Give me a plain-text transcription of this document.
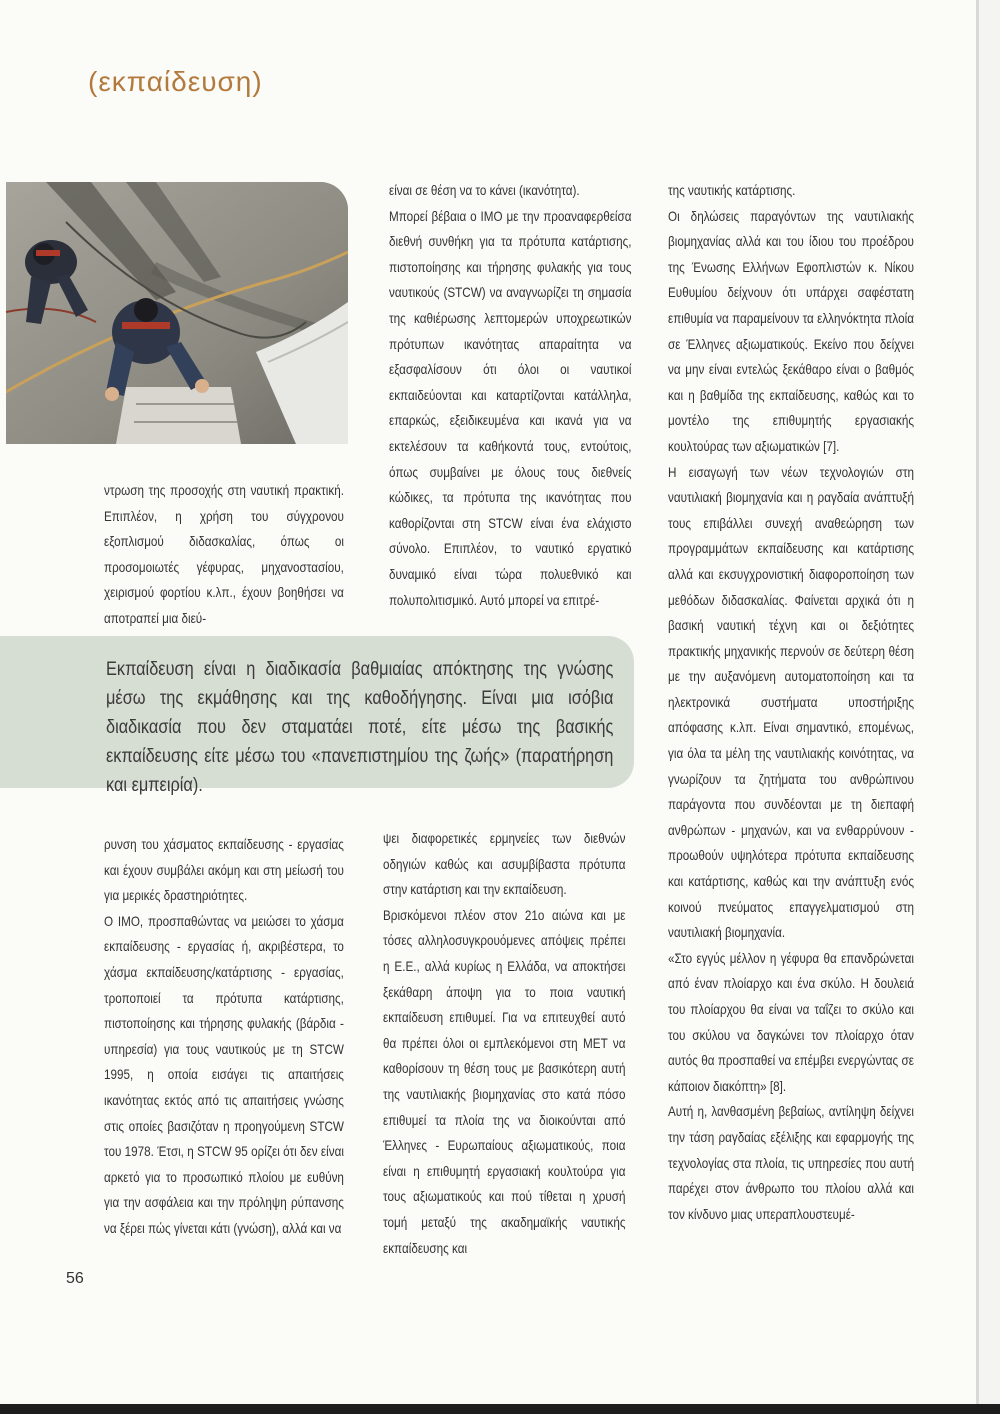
(εκπαίδευση)

ντρωση της προσοχής στη ναυτική πρακτική. Επιπλέον, η χρήση του σύγχρονου εξοπλισμού διδασκαλίας, όπως οι προσομοιωτές γέφυρας, μηχανοστασίου, χειρισμού φορτίου κ.λπ., έχουν βοηθήσει να αποτραπεί μια διεύ-

είναι σε θέση να το κάνει (ικανότητα).

Μπορεί βέβαια ο ΙΜΟ με την προαναφερθείσα διεθνή συνθήκη για τα πρότυπα κατάρτισης, πιστοποίησης και τήρησης φυλακής για τους ναυτικούς (STCW) να αναγνωρίζει τη σημασία της καθιέρωσης λεπτομερών υποχρεωτικών πρότυπων ικανότητας απαραίτητα να εξασφαλίσουν ότι όλοι οι ναυτικοί εκπαιδεύονται και καταρτίζονται κατάλληλα, επαρκώς, εξειδικευμένα και ικανά για να εκτελέσουν τα καθήκοντά τους, εντούτοις, όπως συμβαίνει με όλους τους διεθνείς κώδικες, τα πρότυπα της ικανότητας που καθορίζονται στη STCW είναι ένα ελάχιστο σύνολο. Επιπλέον, το ναυτικό εργατικό δυναμικό είναι τώρα πολυεθνικό και πολυπολιτισμικό. Αυτό μπορεί να επιτρέ-

της ναυτικής κατάρτισης.

Οι δηλώσεις παραγόντων της ναυτιλιακής βιομηχανίας αλλά και του ίδιου του προέδρου της Ένωσης Ελλήνων Εφοπλιστών κ. Νίκου Ευθυμίου δείχνουν ότι υπάρχει σαφέστατη επιθυμία να παραμείνουν τα ελληνόκτητα πλοία σε Έλληνες αξιωματικούς. Εκείνο που δείχνει να μην είναι εντελώς ξεκάθαρο είναι ο βαθμός και η βαθμίδα της εκπαίδευσης, καθώς και το μοντέλο της επιθυμητής εργασιακής κουλτούρας των αξιωματικών [7].

Η εισαγωγή των νέων τεχνολογιών στη ναυτιλιακή βιομηχανία και η ραγδαία ανάπτυξή τους επιβάλλει συνεχή αναθεώρηση των προγραμμάτων εκπαίδευσης και κατάρτισης αλλά και εκσυγχρονιστική διαφοροποίηση των μεθόδων διδασκαλίας. Φαίνεται αρχικά ότι η βασική ναυτική τέχνη και οι δεξιότητες πρακτικής μηχανικής περνούν σε δεύτερη θέση με την αυξανόμενη αυτοματοποίηση και τα ηλεκτρονικά συστήματα υποστήριξης απόφασης κ.λπ. Είναι σημαντικό, επομένως, για όλα τα μέλη της ναυτιλιακής κοινότητας, να γνωρίζουν τα ζητήματα του ανθρώπινου παράγοντα που συνδέονται με τη διεπαφή ανθρώπων - μηχανών, και να ενθαρρύνουν - προωθούν υψηλότερα πρότυπα εκπαίδευσης και κατάρτισης, καθώς και την ανάπτυξη ενός κοινού πνεύματος επαγγελματισμού στη ναυτιλιακή βιομηχανία.

«Στο εγγύς μέλλον η γέφυρα θα επανδρώνεται από έναν πλοίαρχο και ένα σκύλο. Η δουλειά του πλοίαρχου θα είναι να ταΐζει το σκύλο και του σκύλου να δαγκώνει τον πλοίαρχο όταν αυτός θα προσπαθεί να επέμβει ενεργώντας σε κάποιον διακόπτη» [8].

Αυτή η, λανθασμένη βεβαίως, αντίληψη δείχνει την τάση ραγδαίας εξέλιξης και εφαρμογής της τεχνολογίας στα πλοία, τις υπηρεσίες που αυτή παρέχει στον άνθρωπο του πλοίου αλλά και τον κίνδυνο μιας υπεραπλουστευμέ-

Εκπαίδευση είναι η διαδικασία βαθμιαίας απόκτησης της γνώσης μέσω της εκμάθησης και της καθοδήγησης. Είναι μια ισόβια διαδικασία που δεν σταματάει ποτέ, είτε μέσω της βασικής εκπαίδευσης είτε μέσω του «πανεπιστημίου της ζωής» (παρατήρηση και εμπειρία).

ρυνση του χάσματος εκπαίδευσης - εργασίας και έχουν συμβάλει ακόμη και στη μείωσή του για μερικές δραστηριότητες.

Ο ΙΜΟ, προσπαθώντας να μειώσει το χάσμα εκπαίδευσης - εργασίας ή, ακριβέστερα, το χάσμα εκπαίδευσης/κατάρτισης - εργασίας, τροποποιεί τα πρότυπα κατάρτισης, πιστοποίησης και τήρησης φυλακής (βάρδια - υπηρεσία) για τους ναυτικούς με τη STCW 1995, η οποία εισάγει τις απαιτήσεις ικανότητας εκτός από τις απαιτήσεις γνώσης στις οποίες βασιζόταν η προηγούμενη STCW του 1978. Έτσι, η STCW 95 ορίζει ότι δεν είναι αρκετό για το προσωπικό πλοίου με ευθύνη για την ασφάλεια και την πρόληψη ρύπανσης να ξέρει πώς γίνεται κάτι (γνώση), αλλά και να

ψει διαφορετικές ερμηνείες των διεθνών οδηγιών καθώς και ασυμβίβαστα πρότυπα στην κατάρτιση και την εκπαίδευση.

Βρισκόμενοι πλέον στον 21ο αιώνα και με τόσες αλληλοσυγκρουόμενες απόψεις πρέπει η Ε.Ε., αλλά κυρίως η Ελλάδα, να αποκτήσει ξεκάθαρη άποψη για το ποια ναυτική εκπαίδευση επιθυμεί. Για να επιτευχθεί αυτό θα πρέπει όλοι οι εμπλεκόμενοι στη ΜΕΤ να καθορίσουν τη θέση τους με βασικότερη αυτή της ναυτιλιακής βιομηχανίας στο κατά πόσο επιθυμεί τα πλοία της να διοικούνται από Έλληνες - Ευρωπαίους αξιωματικούς, ποια είναι η επιθυμητή εργασιακή κουλτούρα για τους αξιωματικούς και πού τίθεται η χρυσή τομή μεταξύ της ακαδημαϊκής ναυτικής εκπαίδευσης και

56
